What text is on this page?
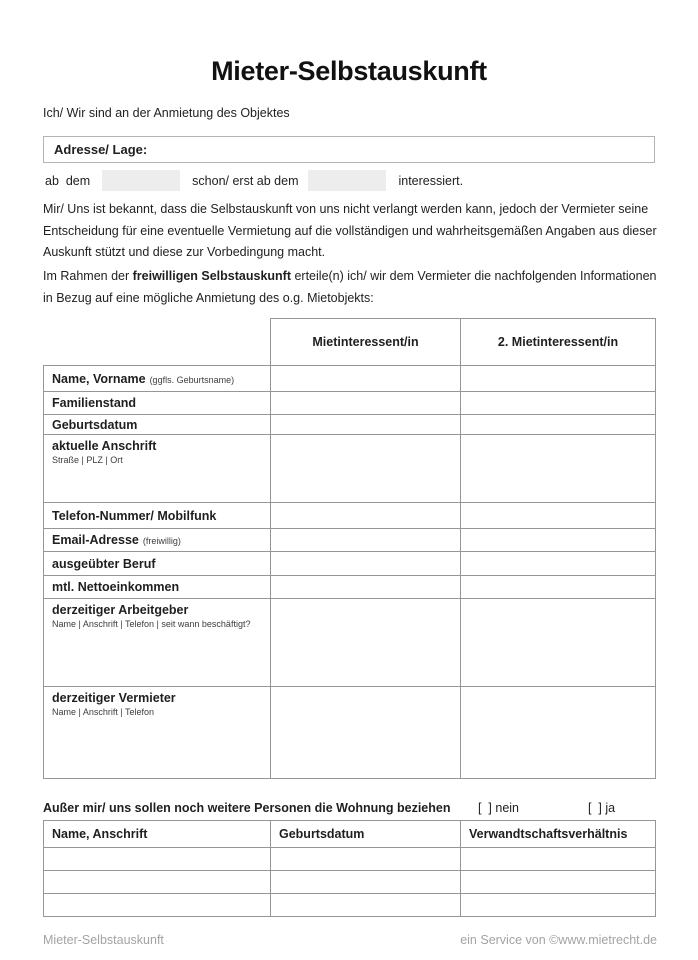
Mieter-Selbstauskunft
Ich/ Wir sind an der Anmietung des Objektes
Adresse/ Lage:
ab  dem	schon/ erst ab dem	interessiert.
Mir/ Uns ist bekannt, dass die Selbstauskunft von uns nicht verlangt werden kann, jedoch der Vermieter seine Entscheidung für eine eventuelle Vermietung auf die vollständigen und wahrheitsgemäßen Angaben aus dieser Auskunft stützt und diese zur Vorbedingung macht.
Im Rahmen der freiwilligen Selbstauskunft erteile(n) ich/ wir dem Vermieter die nachfolgenden Informationen in Bezug auf eine mögliche Anmietung des o.g. Mietobjekts:
	Mietinteressent/in	2. Mietinteressent/in
Name, Vorname (ggfls. Geburtsname)		
Familienstand		
Geburtsdatum		
aktuelle Anschrift
Straße | PLZ | Ort		

Telefon-Nummer/ Mobilfunk		
Email-Adresse (freiwillig)		
ausgeübter Beruf		
mtl. Nettoeinkommen		
derzeitiger Arbeitgeber
Name | Anschrift | Telefon | seit wann beschäftigt?		

derzeitiger Vermieter
Name | Anschrift | Telefon		

Außer mir/ uns sollen noch weitere Personen die Wohnung beziehen [  ] nein	[  ] ja
Name, Anschrift	Geburtsdatum	Verwandtschaftsverhältnis

Mieter-Selbstauskunft	ein Service von ©www.mietrecht.de
